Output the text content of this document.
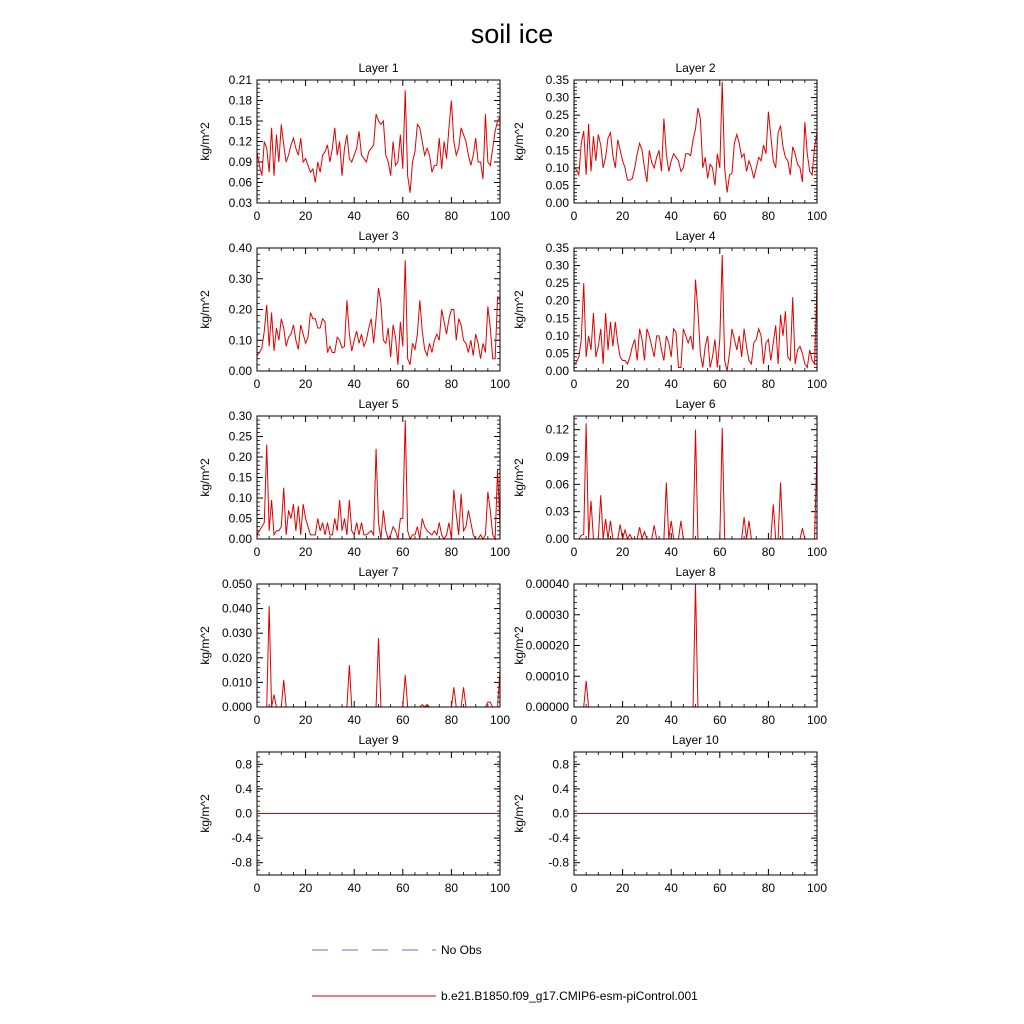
soil ice
Layer 1
kg/m^2
0	20	40	60	80	100
0.03
0.06
0.09
0.12
0.15
0.18
0.21
Layer 2
kg/m^2
0	20	40	60	80	100
0.00
0.05
0.10
0.15
0.20
0.25
0.30
0.35
Layer 3
kg/m^2
0	20	40	60	80	100
0.00
0.10
0.20
0.30
0.40
Layer 4
kg/m^2
0	20	40	60	80	100
0.00
0.05
0.10
0.15
0.20
0.25
0.30
0.35
Layer 5
kg/m^2
0	20	40	60	80	100
0.00
0.05
0.10
0.15
0.20
0.25
0.30
Layer 6
kg/m^2
0	20	40	60	80	100
0.00
0.03
0.06
0.09
0.12
Layer 7
kg/m^2
0	20	40	60	80	100
0.000
0.010
0.020
0.030
0.040
0.050
Layer 8
kg/m^2
0	20	40	60	80	100
0.00000
0.00010
0.00020
0.00030
0.00040
Layer 9
kg/m^2
0	20	40	60	80	100
-0.8
-0.4
0.0
0.4
0.8
Layer 10
kg/m^2
0	20	40	60	80	100
-0.8
-0.4
0.0
0.4
0.8
No Obs
b.e21.B1850.f09_g17.CMIP6-esm-piControl.001
